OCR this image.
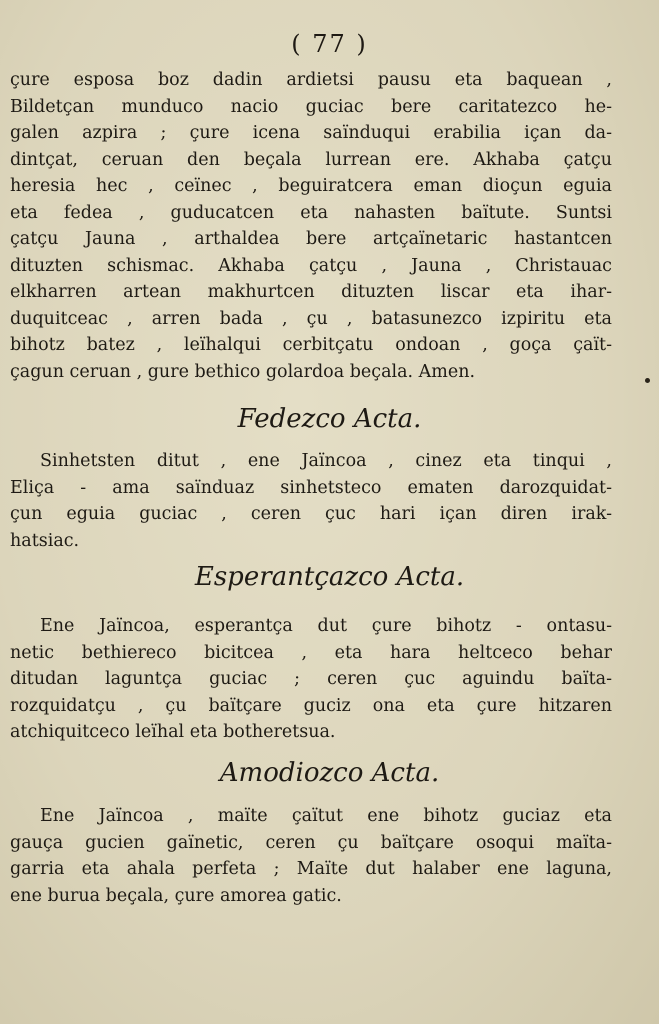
( 77 )
çure esposa boz dadin ardietsi pausu eta baquean ,
Bildetçan munduco nacio guciac bere caritatezco he-
galen azpira ; çure icena saïnduqui erabilia içan da-
dintçat, ceruan den beçala lurrean ere. Akhaba çatçu
heresia hec , ceïnec , beguiratcera eman dioçun eguia
eta fedea , guducatcen eta nahasten baïtute. Suntsi
çatçu Jauna , arthaldea bere artçaïnetaric hastantcen
dituzten schismac. Akhaba çatçu , Jauna , Christauac
elkharren artean makhurtcen dituzten liscar eta ihar-
duquitceac , arren bada , çu , batasunezco izpiritu eta
bihotz batez , leïhalqui cerbitçatu ondoan , goça çaït-
çagun ceruan , gure bethico golardoa beçala. Amen.
Fedezco Acta.
Sinhetsten ditut , ene Jaïncoa , cinez eta tinqui ,
Eliça - ama saïnduaz sinhetsteco ematen darozquidat-
çun eguia guciac , ceren çuc hari içan diren irak-
hatsiac.
Esperantçazco Acta.
Ene Jaïncoa, esperantça dut çure bihotz - ontasu-
netic bethiereco bicitcea , eta hara heltceco behar
ditudan laguntça guciac ; ceren çuc aguindu baïta-
rozquidatçu , çu baïtçare guciz ona eta çure hitzaren
atchiquitceco leïhal eta botheretsua.
Amodiozco Acta.
Ene Jaïncoa , maïte çaïtut ene bihotz guciaz eta
gauça gucien gaïnetic, ceren çu baïtçare osoqui maïta-
garria eta ahala perfeta ; Maïte dut halaber ene laguna,
ene burua beçala, çure amorea gatic.
